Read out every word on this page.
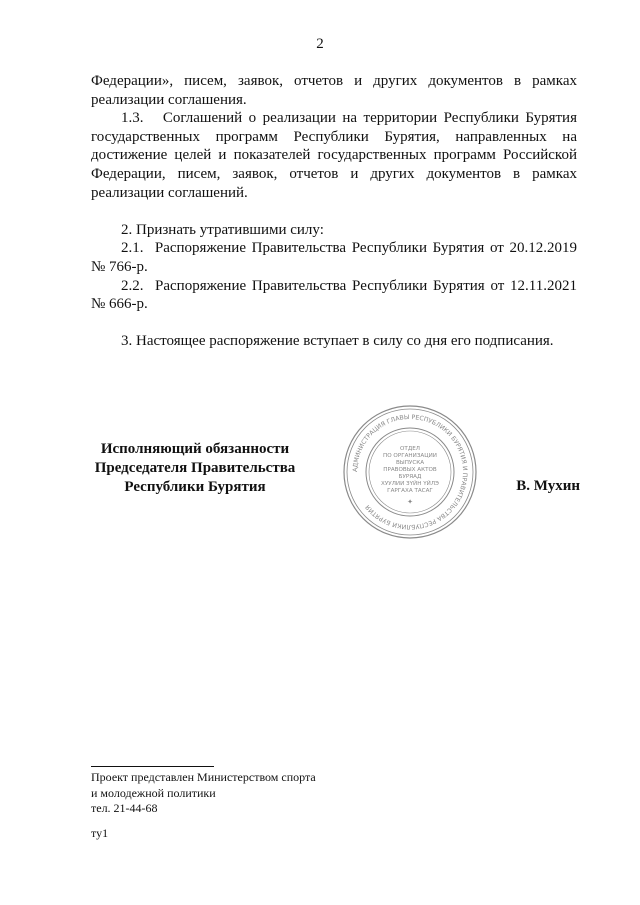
2

Федерации», писем, заявок, отчетов и других документов в рамках реализации соглашения.

1.3.   Соглашений о реализации на территории Республики Бурятия государственных программ Республики Бурятия, направленных на достижение целей и показателей государственных программ Российской Федерации, писем, заявок, отчетов и других документов в рамках реализации соглашений.

2. Признать утратившими силу:

2.1.  Распоряжение Правительства Республики Бурятия от 20.12.2019 № 766-р.

2.2.  Распоряжение Правительства Республики Бурятия от 12.11.2021 № 666-р.

3. Настоящее распоряжение вступает в силу со дня его подписания.

Исполняющий обязанности
Председателя Правительства
Республики Бурятия
АДМИНИСТРАЦИЯ ГЛАВЫ РЕСПУБЛИКИ БУРЯТИЯ И ПРАВИТЕЛЬСТВА РЕСПУБЛИКИ БУРЯТИЯ
ОТДЕЛ
ПО ОРГАНИЗАЦИИ
ВЫПУСКА
ПРАВОВЫХ АКТОВ
БУРЯАД
ХУУЛИИ ЗҮЙН ҮЙЛЭ
ГАРГАХА ТАСАГ
✦
В. Мухин
Проект представлен Министерством спорта
и молодежной политики
тел. 21-44-68
ту1
